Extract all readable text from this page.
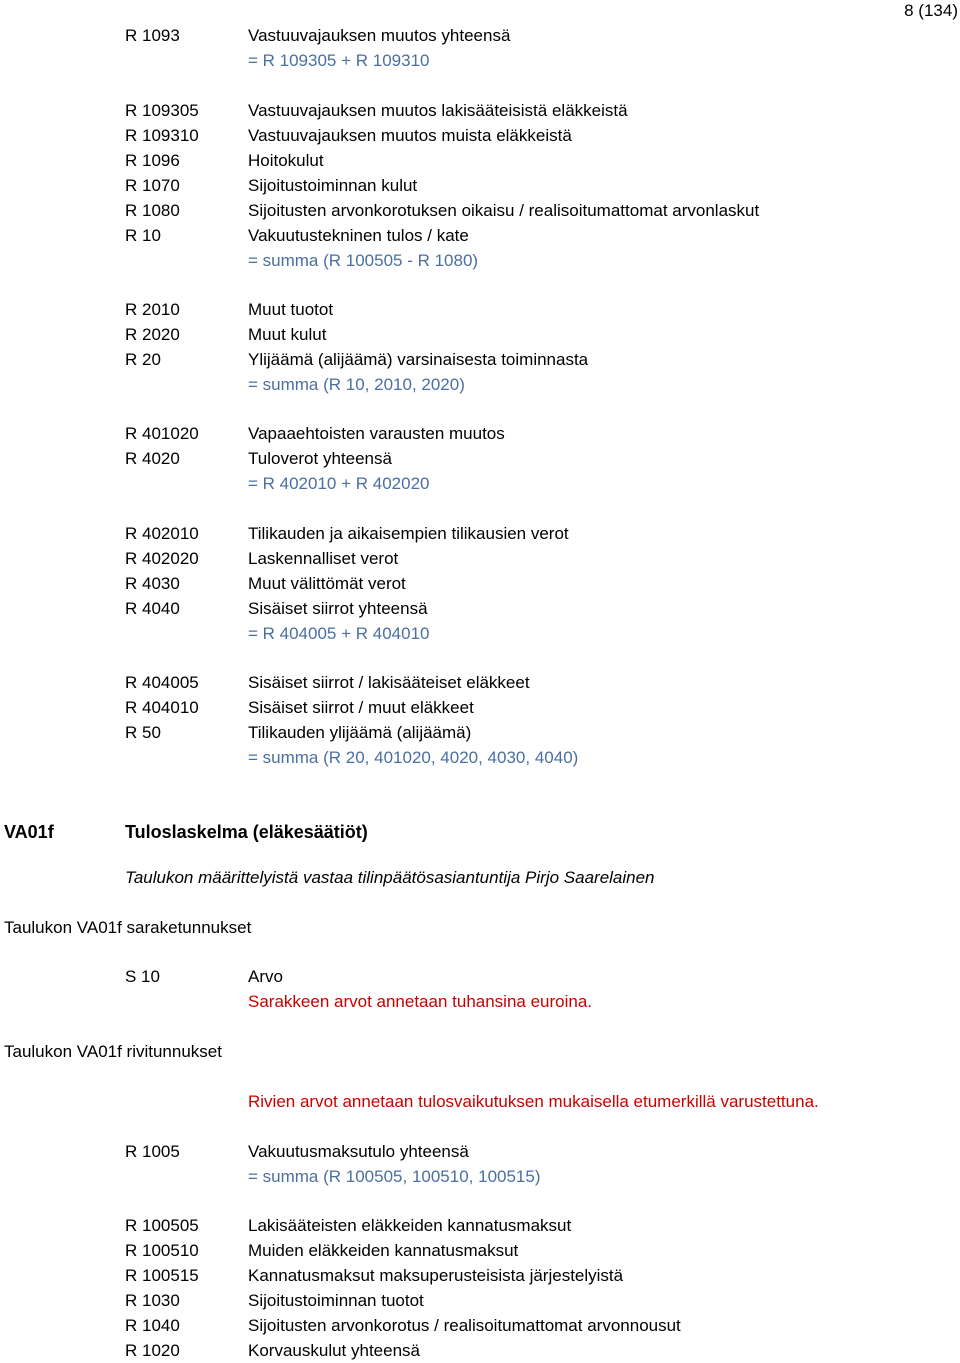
8 (134)
R 1093	Vastuuvajauksen muutos yhteensä
= R 109305 + R 109310
R 109305	Vastuuvajauksen muutos lakisääteisistä eläkkeistä
R 109310	Vastuuvajauksen muutos muista eläkkeistä
R 1096	Hoitokulut
R 1070	Sijoitustoiminnan kulut
R 1080	Sijoitusten arvonkorotuksen oikaisu / realisoitumattomat arvonlaskut
R 10	Vakuutustekninen tulos / kate
= summa (R 100505 - R 1080)
R 2010	Muut tuotot
R 2020	Muut kulut
R 20	Ylijäämä (alijäämä) varsinaisesta toiminnasta
= summa (R 10, 2010, 2020)
R 401020	Vapaaehtoisten varausten muutos
R 4020	Tuloverot yhteensä
= R 402010 + R 402020
R 402010	Tilikauden ja aikaisempien tilikausien verot
R 402020	Laskennalliset verot
R 4030	Muut välittömät verot
R 4040	Sisäiset siirrot yhteensä
= R 404005 + R 404010
R 404005	Sisäiset siirrot / lakisääteiset eläkkeet
R 404010	Sisäiset siirrot / muut eläkkeet
R 50	Tilikauden ylijäämä (alijäämä)
= summa (R 20, 401020, 4020, 4030, 4040)
VA01f	Tuloslaskelma (eläkesäätiöt)
Taulukon määrittelyistä vastaa tilinpäätösasiantuntija Pirjo Saarelainen
Taulukon VA01f saraketunnukset
S 10	Arvo
Sarakkeen arvot annetaan tuhansina euroina.
Taulukon VA01f rivitunnukset
Rivien arvot annetaan tulosvaikutuksen mukaisella etumerkillä varustettuna.
R 1005	Vakuutusmaksutulo yhteensä
= summa (R 100505, 100510, 100515)
R 100505	Lakisääteisten eläkkeiden kannatusmaksut
R 100510	Muiden eläkkeiden kannatusmaksut
R 100515	Kannatusmaksut maksuperusteisista järjestelyistä
R 1030	Sijoitustoiminnan tuotot
R 1040	Sijoitusten arvonkorotus / realisoitumattomat arvonnousut
R 1020	Korvauskulut yhteensä
